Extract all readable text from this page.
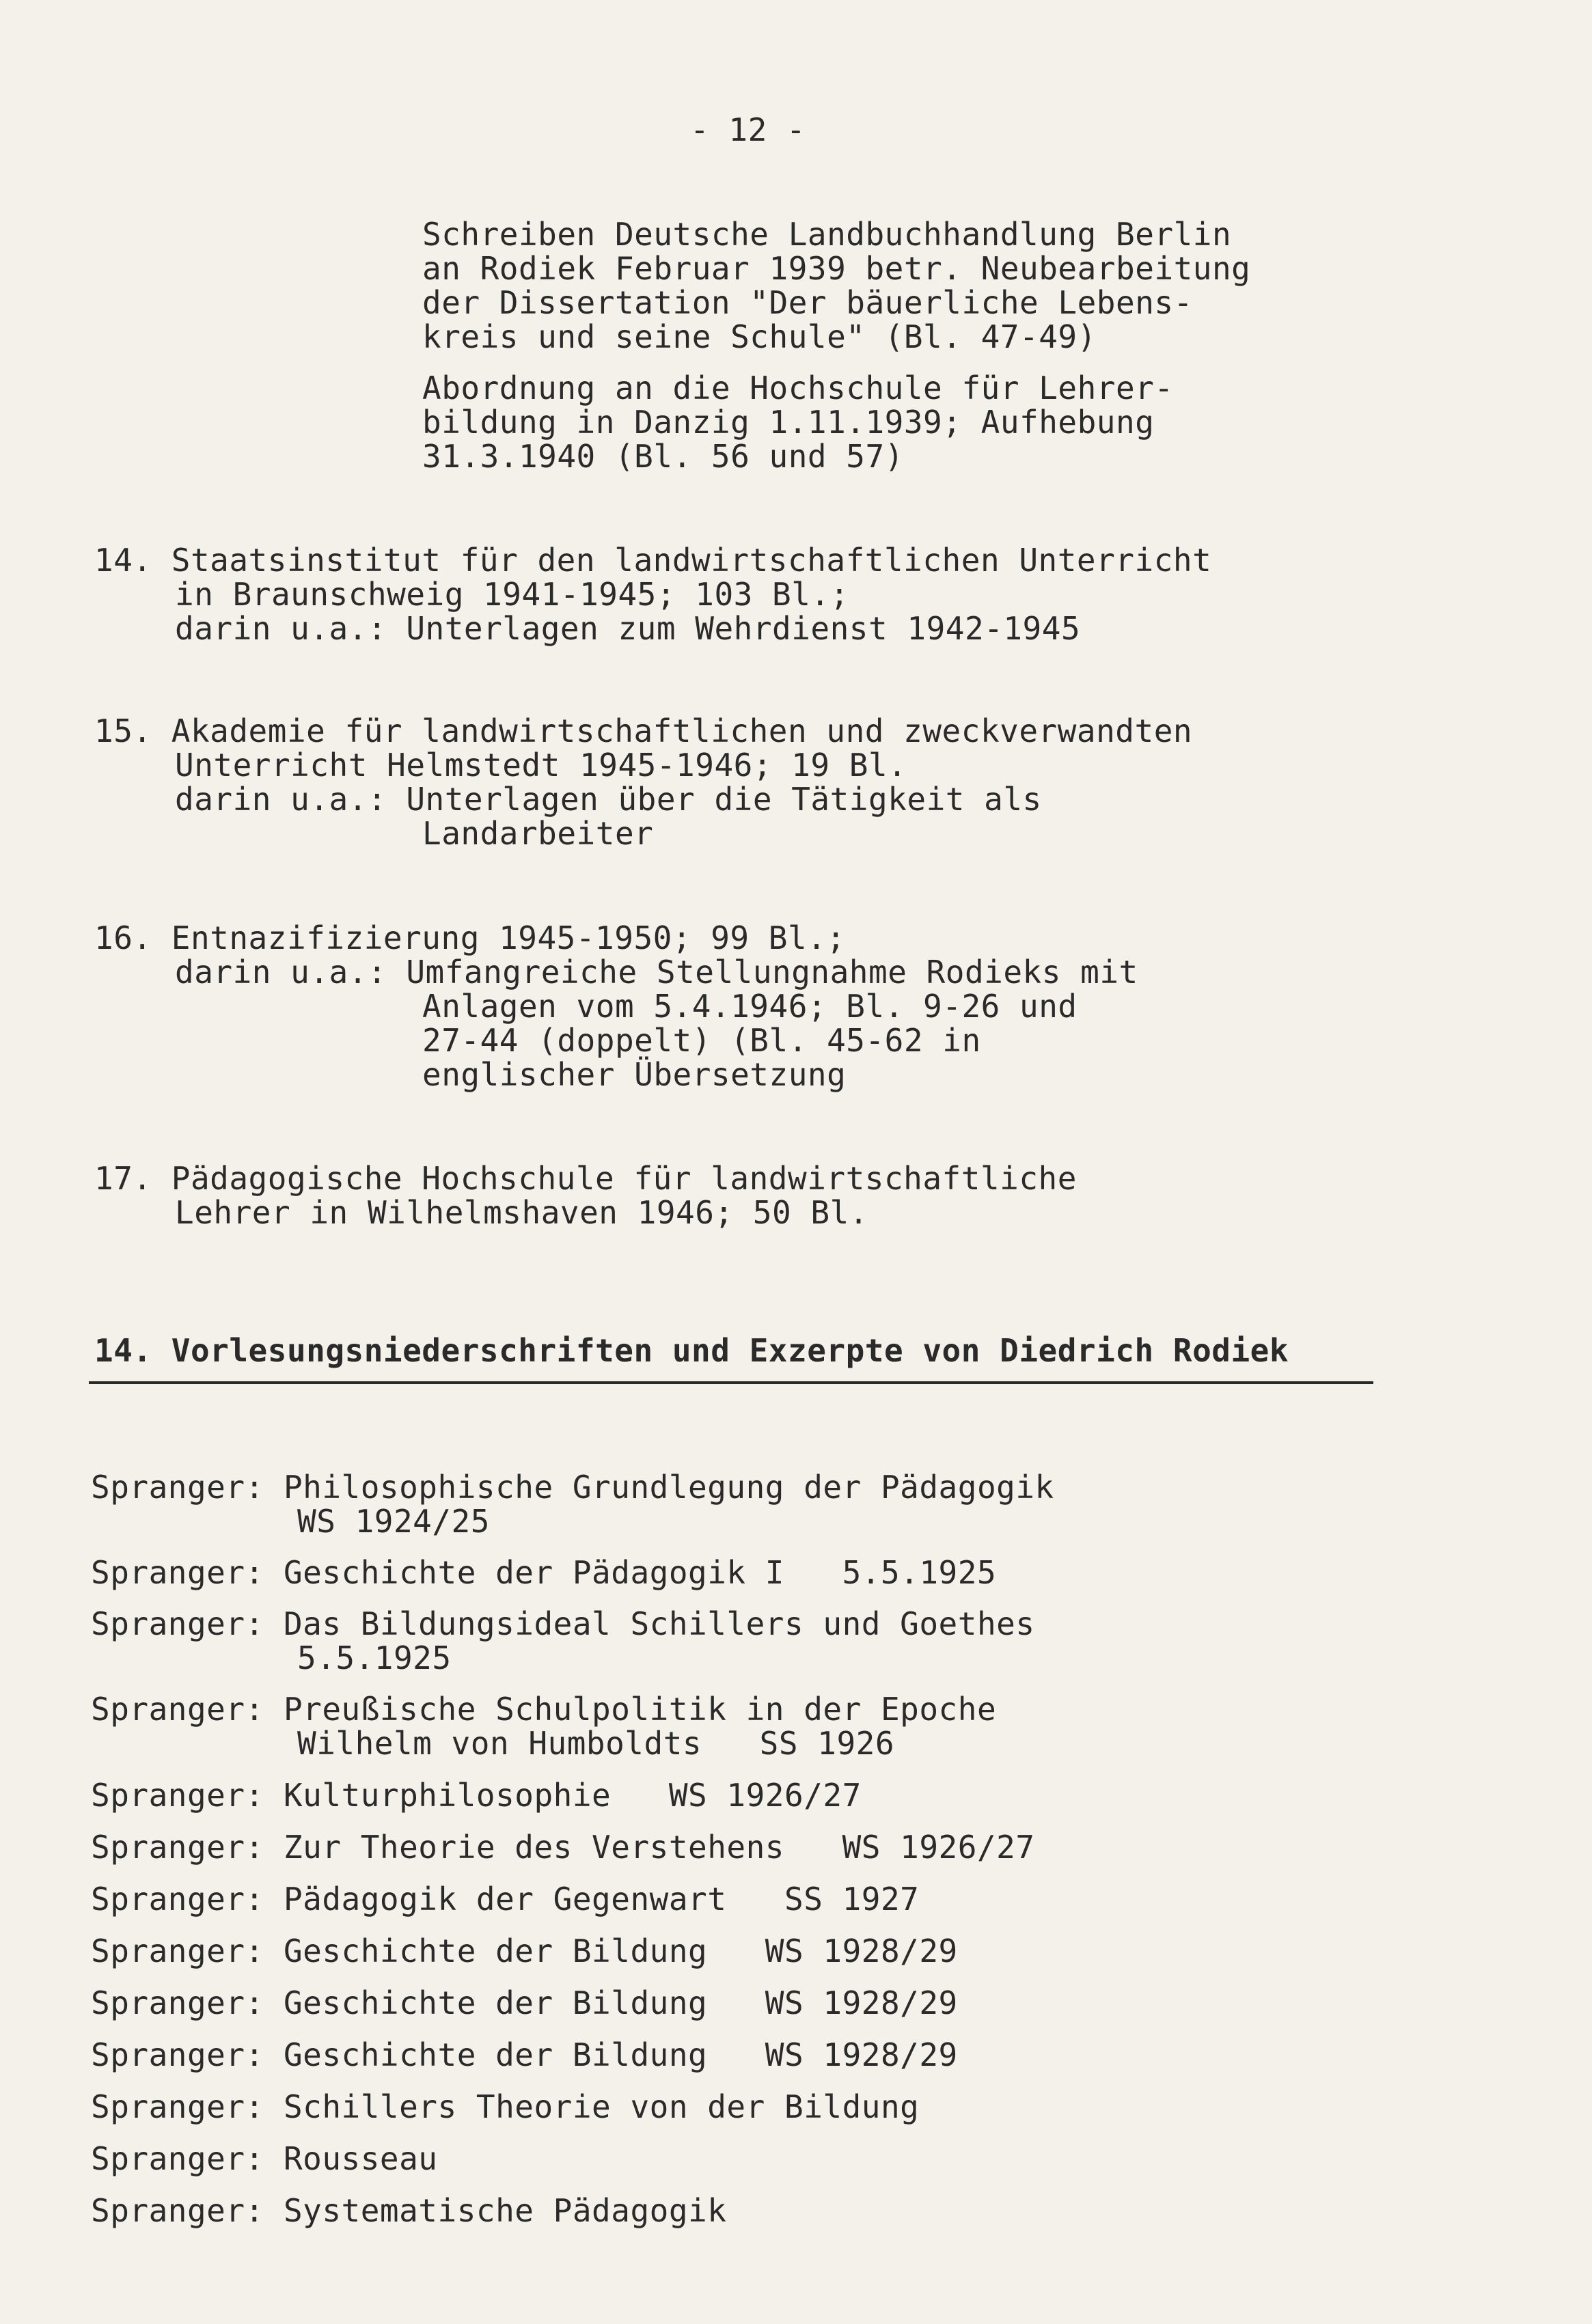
- 12 -
Schreiben Deutsche Landbuchhandlung Berlin
an Rodiek Februar 1939 betr. Neubearbeitung
der Dissertation "Der bäuerliche Lebens-
kreis und seine Schule" (Bl. 47-49)
Abordnung an die Hochschule für Lehrer-
bildung in Danzig 1.11.1939; Aufhebung
31.3.1940 (Bl. 56 und 57)
14. Staatsinstitut für den landwirtschaftlichen Unterricht
in Braunschweig 1941-1945; 103 Bl.;
darin u.a.: Unterlagen zum Wehrdienst 1942-1945
15. Akademie für landwirtschaftlichen und zweckverwandten
Unterricht Helmstedt 1945-1946; 19 Bl.
darin u.a.: Unterlagen über die Tätigkeit als
Landarbeiter
16. Entnazifizierung 1945-1950; 99 Bl.;
darin u.a.: Umfangreiche Stellungnahme Rodieks mit
Anlagen vom 5.4.1946; Bl. 9-26 und
27-44 (doppelt) (Bl. 45-62 in
englischer Übersetzung
17. Pädagogische Hochschule für landwirtschaftliche
Lehrer in Wilhelmshaven 1946; 50 Bl.
14. Vorlesungsniederschriften und Exzerpte von Diedrich Rodiek
Spranger: Philosophische Grundlegung der Pädagogik
WS 1924/25
Spranger: Geschichte der Pädagogik I   5.5.1925
Spranger: Das Bildungsideal Schillers und Goethes
5.5.1925
Spranger: Preußische Schulpolitik in der Epoche
Wilhelm von Humboldts   SS 1926
Spranger: Kulturphilosophie   WS 1926/27
Spranger: Zur Theorie des Verstehens   WS 1926/27
Spranger: Pädagogik der Gegenwart   SS 1927
Spranger: Geschichte der Bildung   WS 1928/29
Spranger: Geschichte der Bildung   WS 1928/29
Spranger: Geschichte der Bildung   WS 1928/29
Spranger: Schillers Theorie von der Bildung
Spranger: Rousseau
Spranger: Systematische Pädagogik
